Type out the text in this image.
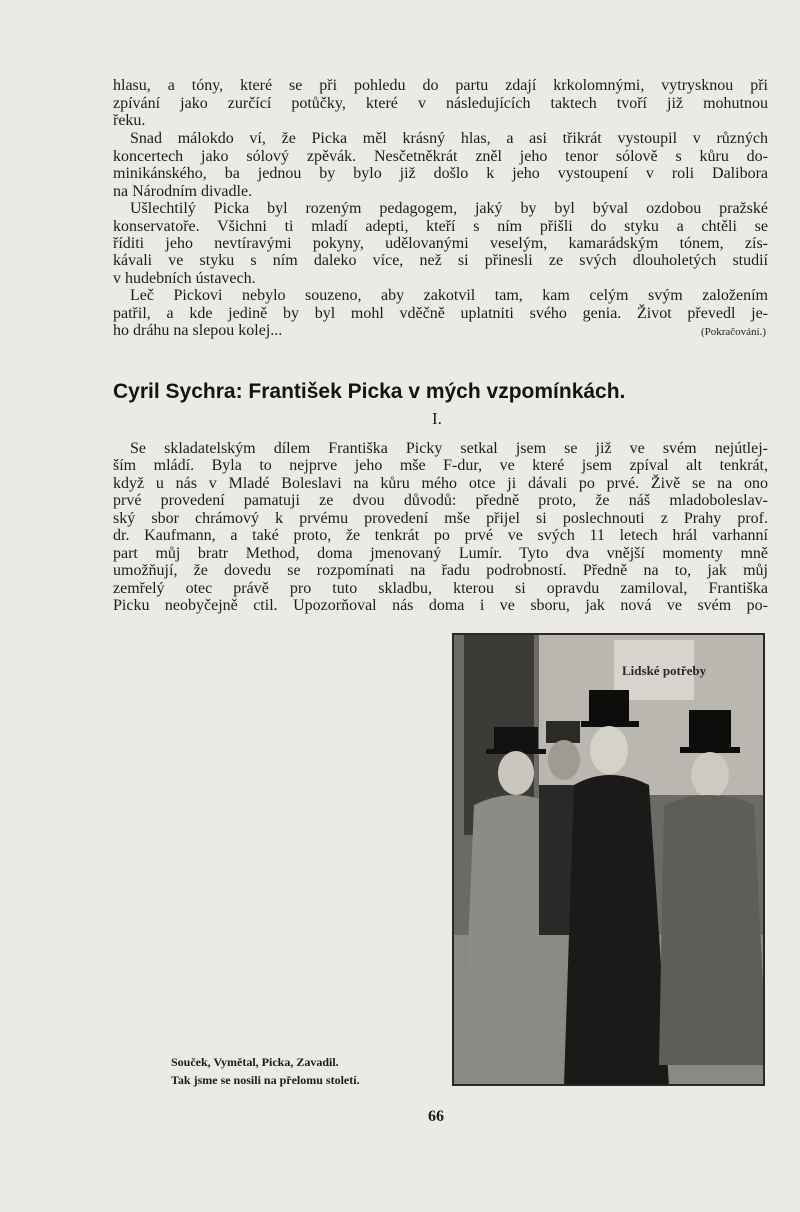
hlasu, a tóny, které se při pohledu do partu zdají krkolomnými, vytrysknou při
zpívání jako zurčící potůčky, které v následujících taktech tvoří již mohutnou
řeku.
Snad málokdo ví, že Picka měl krásný hlas, a asi třikrát vystoupil v různých
koncertech jako sólový zpěvák. Nesčetněkrát zněl jeho tenor sólově s kůru do-
minikánského, ba jednou by bylo již došlo k jeho vystoupení v roli Dalibora
na Národním divadle.
Ušlechtilý Picka byl rozeným pedagogem, jaký by byl býval ozdobou pražské
konservatoře. Všichni ti mladí adepti, kteří s ním přišli do styku a chtěli se
říditi jeho nevtíravými pokyny, udělovanými veselým, kamarádským tónem, zís-
kávali ve styku s ním daleko více, než si přinesli ze svých dlouholetých studií
v hudebních ústavech.
Leč Pickovi nebylo souzeno, aby zakotvil tam, kam celým svým založením
patřil, a kde jedině by byl mohl vděčně uplatniti svého genia. Život převedl je-
ho dráhu na slepou kolej...	(Pokračování.)
Cyril Sychra: František Picka v mých vzpomínkách.
I.
Se skladatelským dílem Františka Picky setkal jsem se již ve svém nejútlej-
ším mládí. Byla to nejprve jeho mše F-dur, ve které jsem zpíval alt tenkrát,
když u nás v Mladé Boleslavi na kůru mého otce ji dávali po prvé. Živě se na ono
prvé provedení pamatuji ze dvou důvodů: předně proto, že náš mladoboleslav-
ský sbor chrámový k prvému provedení mše přijel si poslechnouti z Prahy prof.
dr. Kaufmann, a také proto, že tenkrát po prvé ve svých 11 letech hrál varhanní
part můj bratr Method, doma jmenovaný Lumír. Tyto dva vnější momenty mně
umožňují, že dovedu se rozpomínati na řadu podrobností. Předně na to, jak můj
zemřelý otec právě pro tuto skladbu, kterou si opravdu zamiloval, Františka
Picku neobyčejně ctil. Upozorňoval nás doma i ve sboru, jak nová ve svém po-
Lidské potřeby
Souček, Vymětal, Picka, Zavadil.
Tak jsme se nosili na přelomu století.
66
